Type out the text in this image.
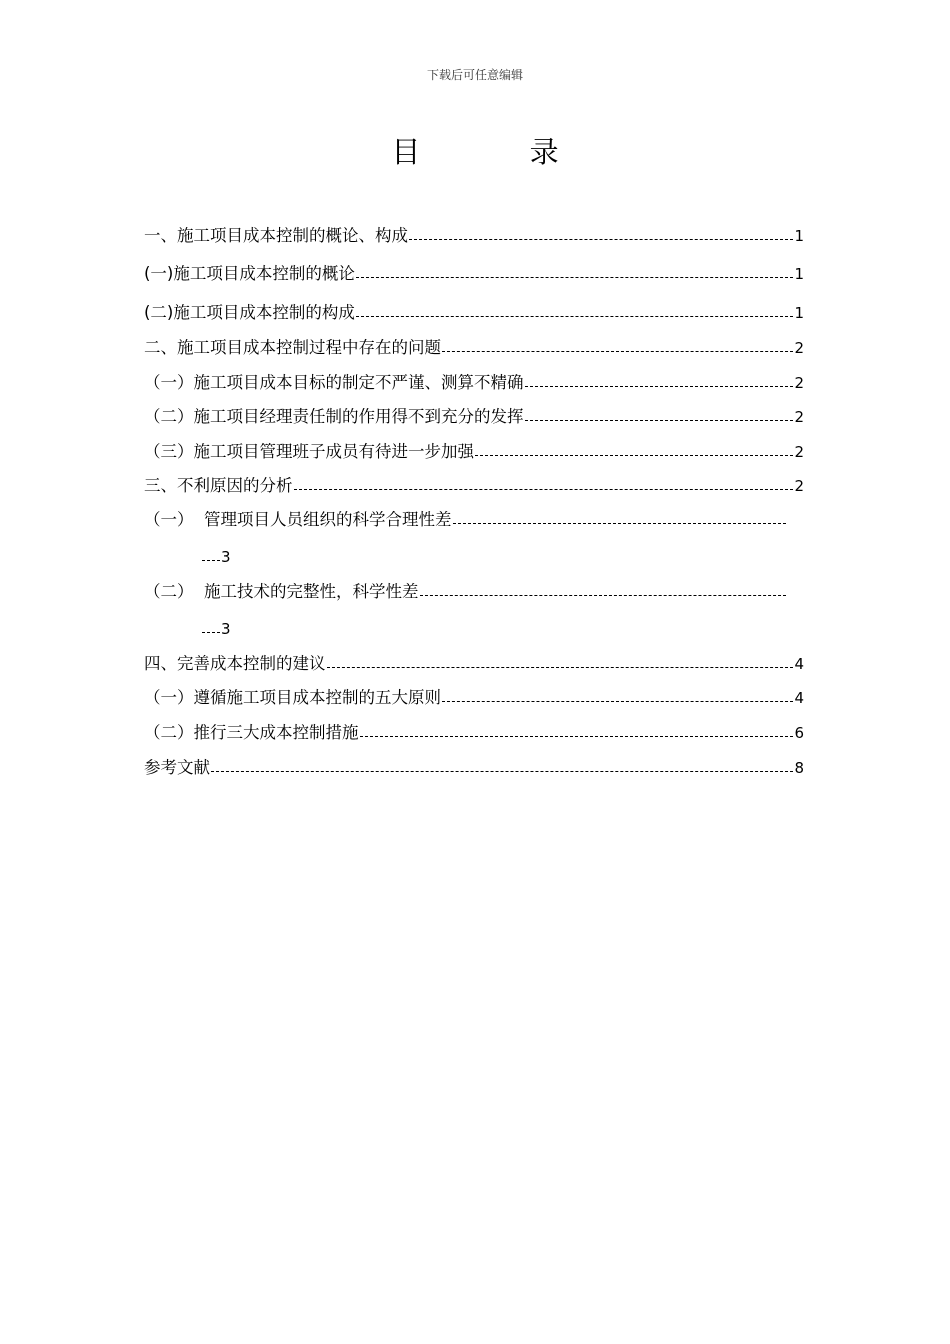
下载后可任意编辑
目 录
一、施工项目成本控制的概论、构成	1
(一)施工项目成本控制的概论	1
(二)施工项目成本控制的构成	1
二、施工项目成本控制过程中存在的问题	2
（一）施工项目成本目标的制定不严谨、测算不精确	2
（二）施工项目经理责任制的作用得不到充分的发挥	2
（三）施工项目管理班子成员有待进一步加强	2
三、不利原因的分析	2
（一）  管理项目人员组织的科学合理性差
3
（二）  施工技术的完整性，科学性差
3
四、完善成本控制的建议	4
（一）遵循施工项目成本控制的五大原则	4
（二）推行三大成本控制措施	6
参考文献	8
